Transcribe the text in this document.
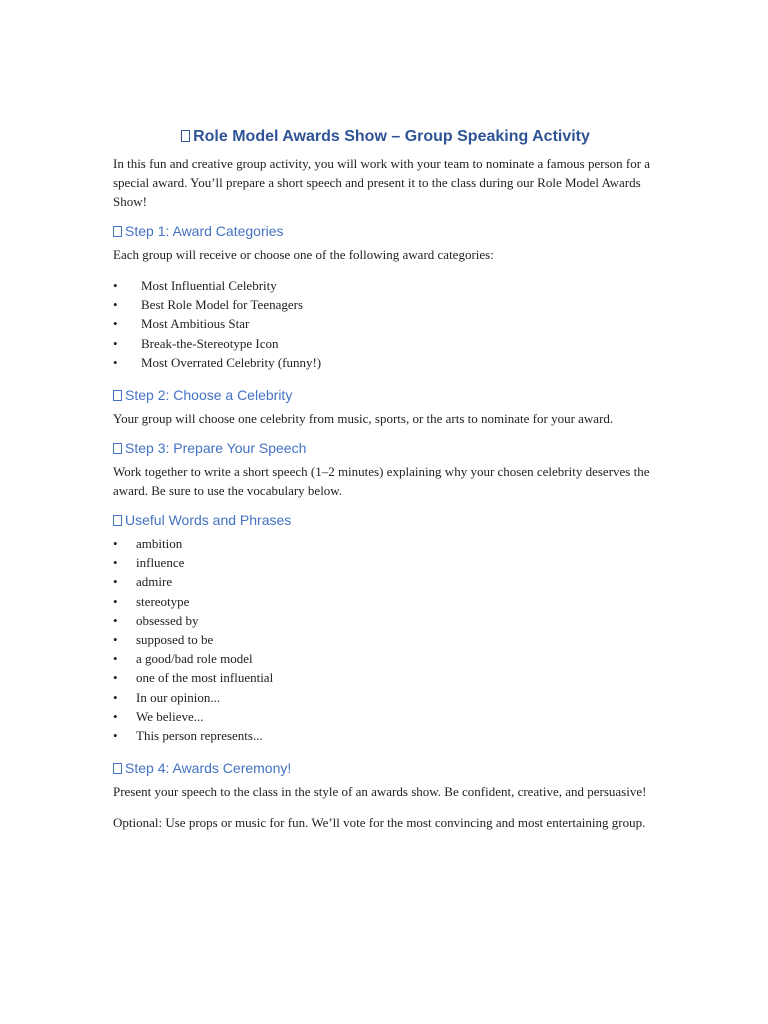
Role Model Awards Show – Group Speaking Activity

In this fun and creative group activity, you will work with your team to nominate a famous person for a special award. You’ll prepare a short speech and present it to the class during our Role Model Awards Show!

Step 1: Award Categories

Each group will receive or choose one of the following award categories:

• Most Influential Celebrity
• Best Role Model for Teenagers
• Most Ambitious Star
• Break-the-Stereotype Icon
• Most Overrated Celebrity (funny!)
Step 2: Choose a Celebrity

Your group will choose one celebrity from music, sports, or the arts to nominate for your award.

Step 3: Prepare Your Speech

Work together to write a short speech (1–2 minutes) explaining why your chosen celebrity deserves the award. Be sure to use the vocabulary below.

Useful Words and Phrases
• ambition
• influence
• admire
• stereotype
• obsessed by
• supposed to be
• a good/bad role model
• one of the most influential
• In our opinion...
• We believe...
• This person represents...
Step 4: Awards Ceremony!

Present your speech to the class in the style of an awards show. Be confident, creative, and persuasive!

Optional: Use props or music for fun. We’ll vote for the most convincing and most entertaining group.
